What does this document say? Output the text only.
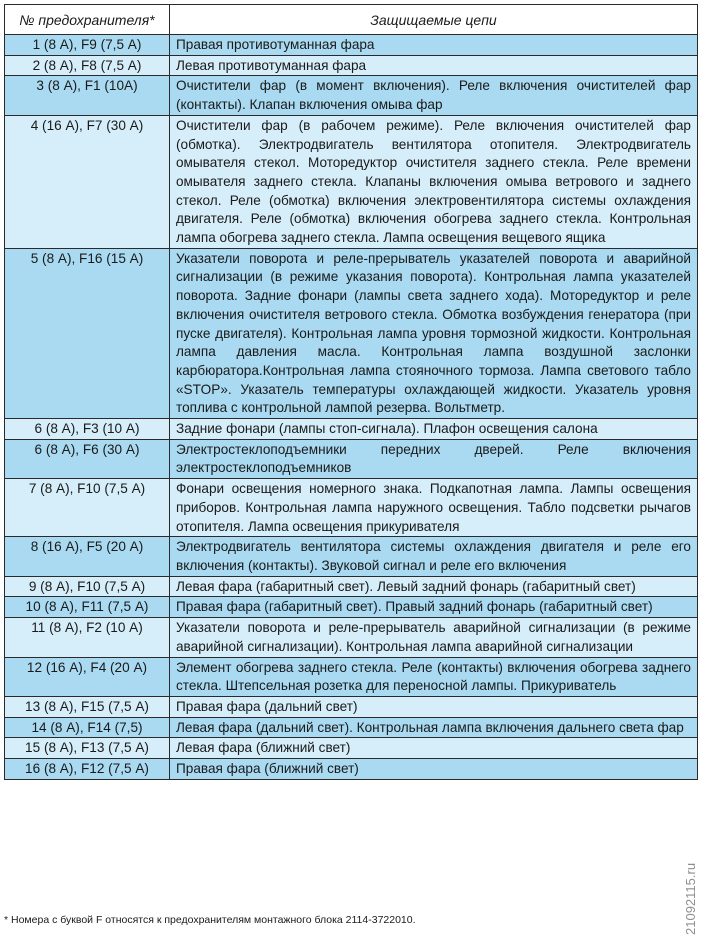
№ предохранителя*	Защищаемые цепи
1 (8 А), F9 (7,5 А)	Правая противотуманная фара
2 (8 А), F8 (7,5 А)	Левая противотуманная фара
3 (8 А), F1 (10А)	Очистители фар (в момент включения). Реле включения очистителей фар (контакты). Клапан включения омыва фар
4 (16 А), F7 (30 А)	Очистители фар (в рабочем режиме). Реле включения очистителей фар (обмотка). Электродвигатель вентилятора отопителя. Электродвигатель омывателя стекол. Моторедуктор очистителя заднего стекла. Реле времени омывателя заднего стекла. Клапаны включения омыва ветрового и заднего стекол. Реле (обмотка) включения электровентилятора системы охлаждения двигателя. Реле (обмотка) включения обогрева заднего стекла. Контрольная лампа обогрева заднего стекла. Лампа освещения вещевого ящика
5 (8 А), F16 (15 А)	Указатели поворота и реле-прерыватель указателей поворота и аварийной сигнализации (в режиме указания поворота). Контрольная лампа указателей поворота. Задние фонари (лампы света заднего хода). Моторедуктор и реле включения очистителя ветрового стекла. Обмотка возбуждения генератора (при пуске двигателя). Контрольная лампа уровня тормозной жидкости. Контрольная лампа давления масла. Контрольная лампа воздушной заслонки карбюратора.Контрольная лампа стояночного тормоза. Лампа светового табло «STOP». Указатель температуры охлаждающей жидкости. Указатель уровня топлива с контрольной лампой резерва. Вольтметр.
6 (8 А), F3 (10 А)	Задние фонари (лампы стоп-сигнала). Плафон освещения салона
6 (8 А), F6 (30 А)	Электростеклоподъемники передних дверей. Реле включения электростеклоподъемников
7 (8 А), F10 (7,5 А)	Фонари освещения номерного знака. Подкапотная лампа. Лампы освещения приборов. Контрольная лампа наружного освещения. Табло подсветки рычагов отопителя. Лампа освещения прикуривателя
8 (16 А), F5 (20 А)	Электродвигатель вентилятора системы охлаждения двигателя и реле его включения (контакты). Звуковой сигнал и реле его включения
9 (8 А), F10 (7,5 А)	Левая фара (габаритный свет). Левый задний фонарь (габаритный свет)
10 (8 А), F11 (7,5 А)	Правая фара (габаритный свет). Правый задний фонарь (габаритный свет)
11 (8 А), F2 (10 А)	Указатели поворота и реле-прерыватель аварийной сигнализации (в режиме аварийной сигнализации). Контрольная лампа аварийной сигнализации
12 (16 А), F4 (20 А)	Элемент обогрева заднего стекла. Реле (контакты) включения обогрева заднего стекла. Штепсельная розетка для переносной лампы. Прикуриватель
13 (8 А), F15 (7,5 А)	Правая фара (дальний свет)
14 (8 А), F14 (7,5)	Левая фара (дальний свет). Контрольная лампа включения дальнего света фар
15 (8 А), F13 (7,5 А)	Левая фара (ближний свет)
16 (8 А), F12 (7,5 А)	Правая фара (ближний свет)
* Номера с буквой F относятся к предохранителям монтажного блока 2114-3722010.	21092115.ru
